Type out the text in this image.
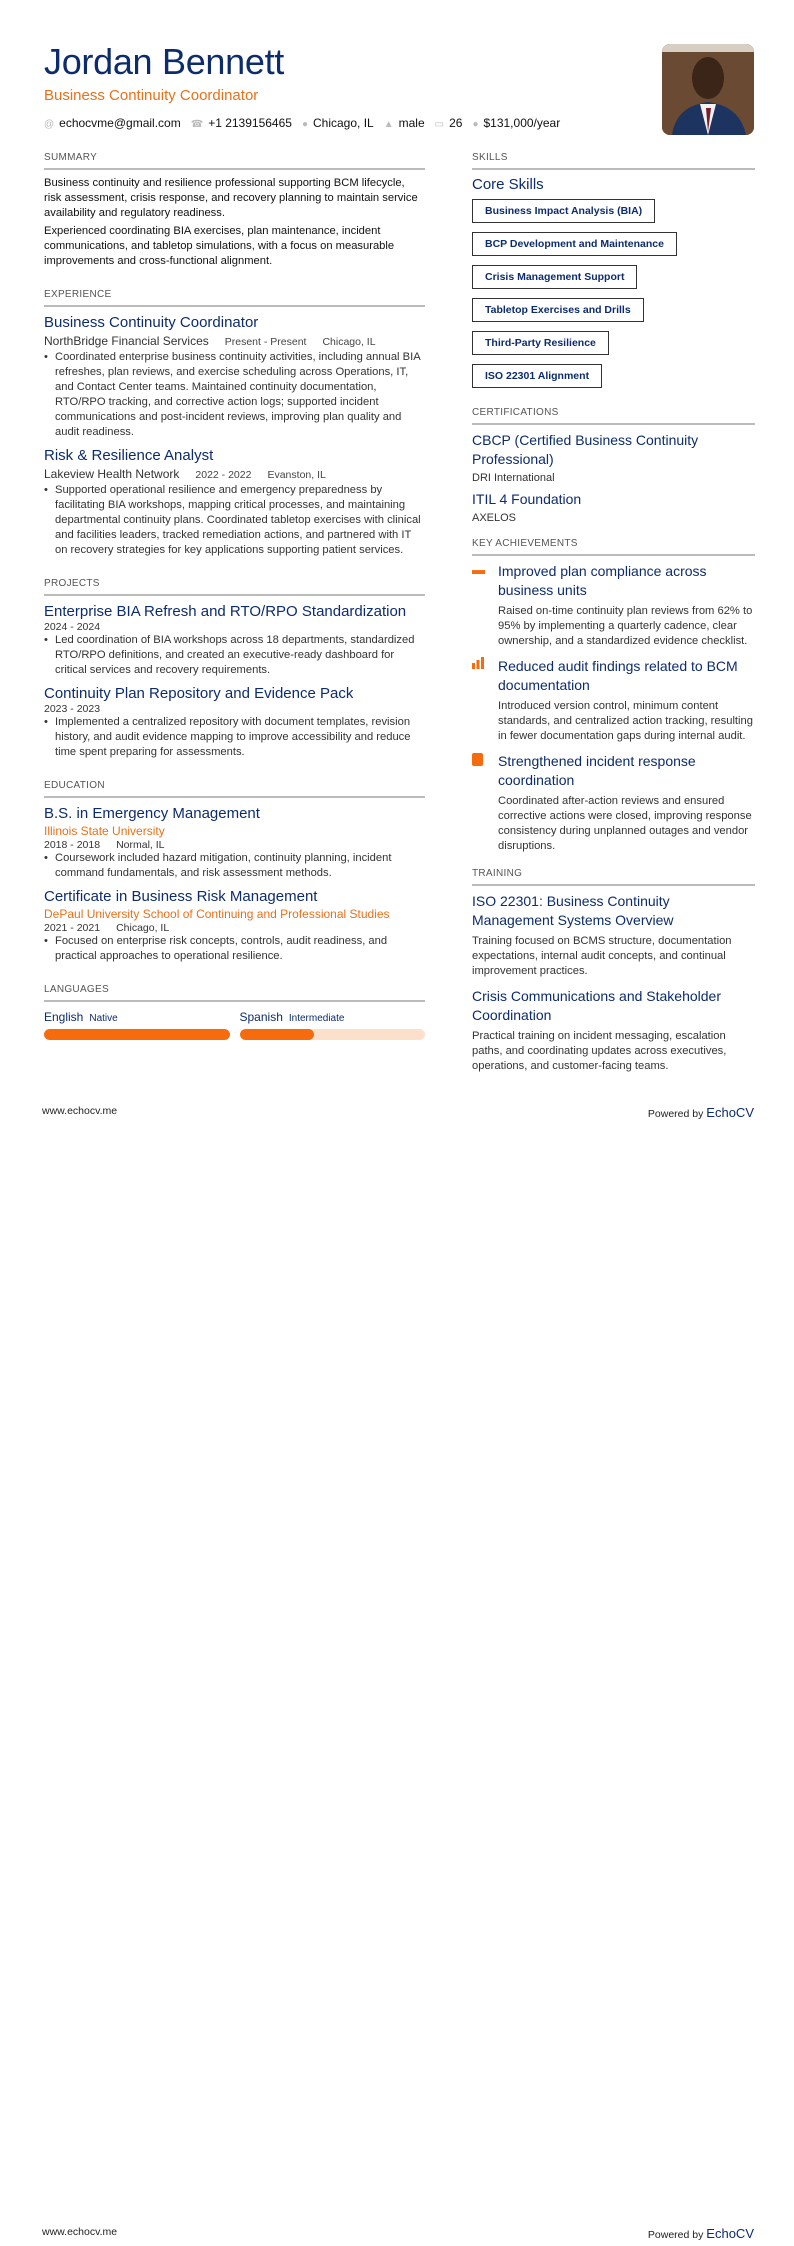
Jordan Bennett
Business Continuity Coordinator
@ echocvme@gmail.com ☎ +1 2139156465 ● Chicago, IL ▲ male ▭ 26 ● $131,000/year
SUMMARY

Business continuity and resilience professional supporting BCM lifecycle, risk assessment, crisis response, and recovery planning to maintain service availability and regulatory readiness.

Experienced coordinating BIA exercises, plan maintenance, incident communications, and tabletop simulations, with a focus on measurable improvements and cross-functional alignment.

EXPERIENCE
Business Continuity Coordinator
NorthBridge Financial Services Present - Present Chicago, IL
• Coordinated enterprise business continuity activities, including annual BIA refreshes, plan reviews, and exercise scheduling across Operations, IT, and Contact Center teams. Maintained continuity documentation, RTO/RPO tracking, and corrective action logs; supported incident communications and post-incident reviews, improving plan quality and audit readiness.
Risk & Resilience Analyst
Lakeview Health Network 2022 - 2022 Evanston, IL
• Supported operational resilience and emergency preparedness by facilitating BIA workshops, mapping critical processes, and maintaining departmental continuity plans. Coordinated tabletop exercises with clinical and facilities leaders, tracked remediation actions, and partnered with IT on recovery strategies for key applications supporting patient services.
PROJECTS
Enterprise BIA Refresh and RTO/RPO Standardization
2024 - 2024
• Led coordination of BIA workshops across 18 departments, standardized RTO/RPO definitions, and created an executive-ready dashboard for critical services and recovery requirements.
Continuity Plan Repository and Evidence Pack
2023 - 2023
• Implemented a centralized repository with document templates, revision history, and audit evidence mapping to improve accessibility and reduce time spent preparing for assessments.
EDUCATION
B.S. in Emergency Management
Illinois State University
2018 - 2018 Normal, IL
• Coursework included hazard mitigation, continuity planning, incident command fundamentals, and risk assessment methods.
Certificate in Business Risk Management
DePaul University School of Continuing and Professional Studies
2021 - 2021 Chicago, IL
• Focused on enterprise risk concepts, controls, audit readiness, and practical approaches to operational resilience.
LANGUAGES
English Native	Spanish Intermediate
SKILLS
Core Skills
Business Impact Analysis (BIA)
BCP Development and Maintenance
Crisis Management Support
Tabletop Exercises and Drills
Third-Party Resilience
ISO 22301 Alignment
CERTIFICATIONS
CBCP (Certified Business Continuity Professional)
DRI International
ITIL 4 Foundation
AXELOS
KEY ACHIEVEMENTS
▬ Improved plan compliance across business units
Raised on-time continuity plan reviews from 62% to 95% by implementing a quarterly cadence, clear ownership, and a standardized evidence checklist.
Reduced audit findings related to BCM documentation
Introduced version control, minimum content standards, and centralized action tracking, resulting in fewer documentation gaps during internal audit.
Strengthened incident response coordination
Coordinated after-action reviews and ensured corrective actions were closed, improving response consistency during unplanned outages and vendor disruptions.
TRAINING
ISO 22301: Business Continuity Management Systems Overview
Training focused on BCMS structure, documentation expectations, internal audit concepts, and continual improvement practices.
Crisis Communications and Stakeholder Coordination
Practical training on incident messaging, escalation paths, and coordinating updates across executives, operations, and customer-facing teams.
www.echocv.me	Powered by EchoCV
www.echocv.me	Powered by EchoCV
